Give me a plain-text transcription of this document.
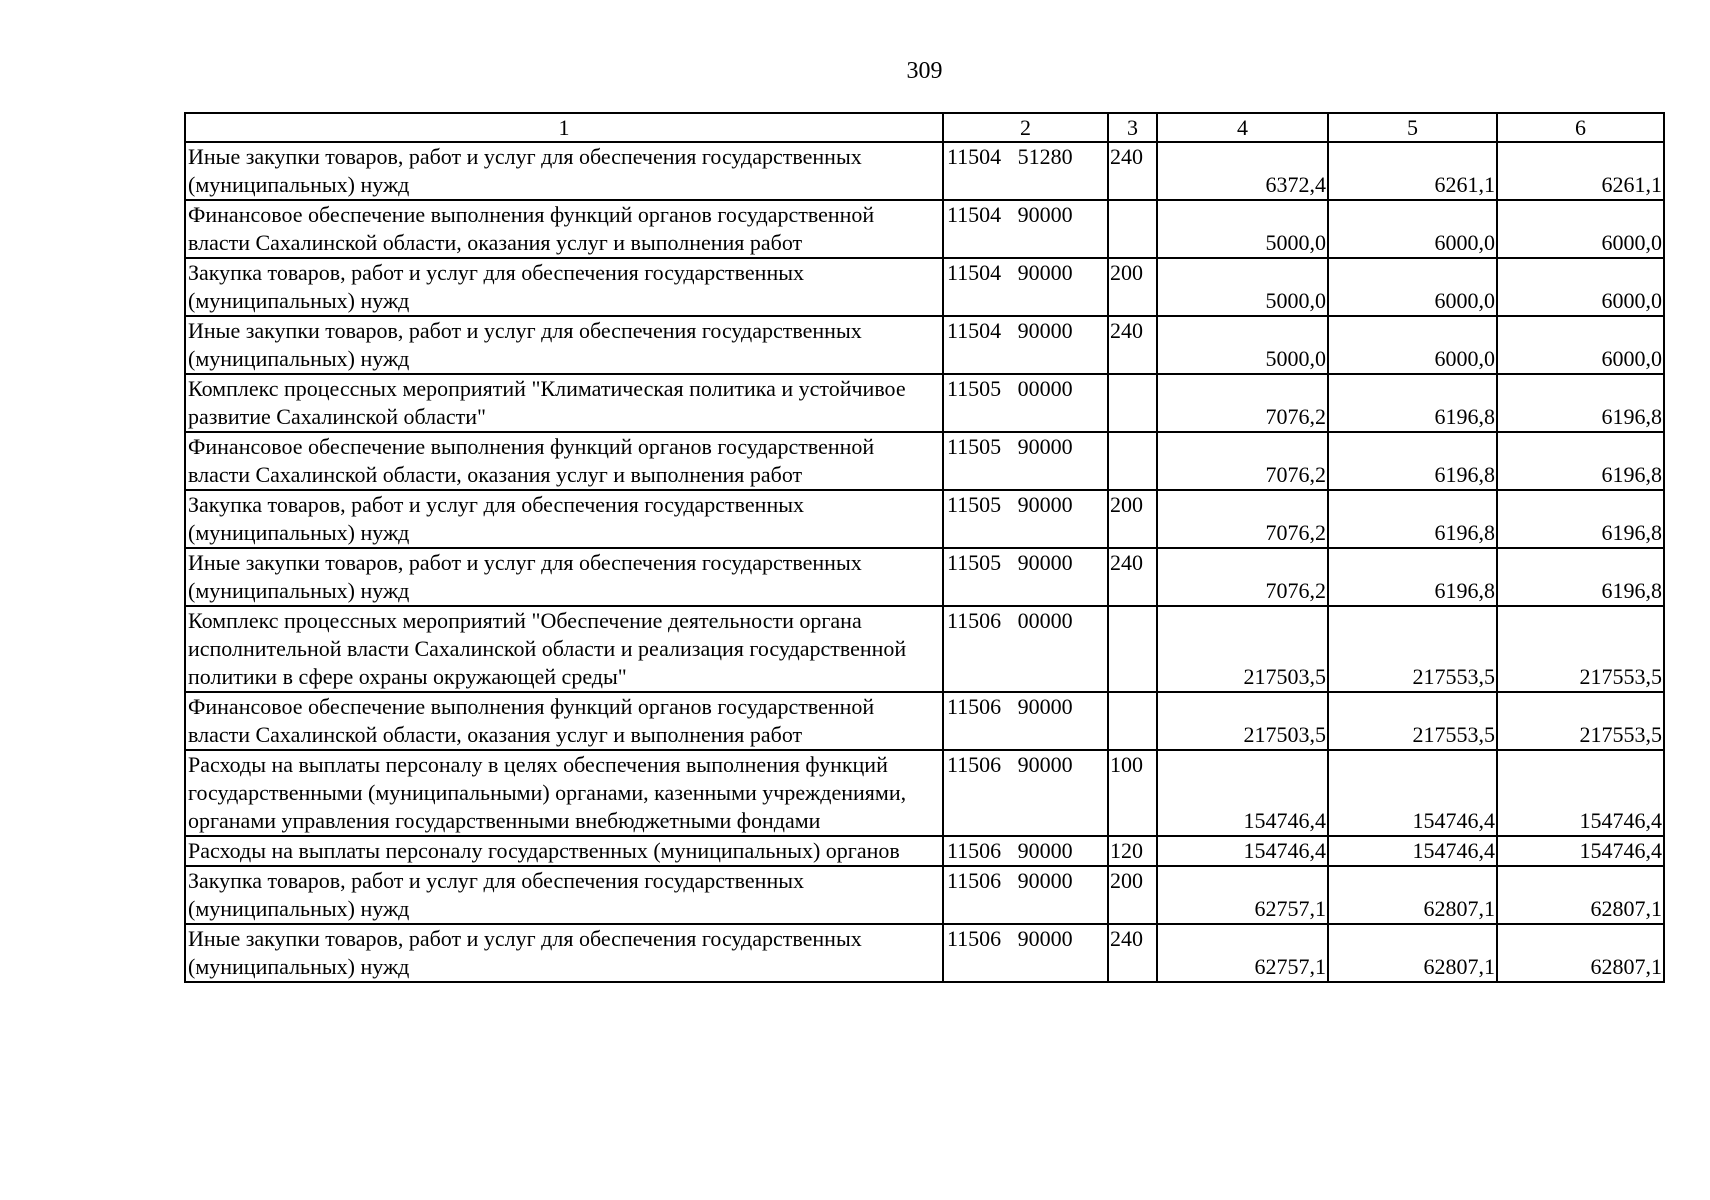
309
1	2	3	4	5	6
Иные закупки товаров, работ и услуг для обеспечения государственных (муниципальных) нужд	11504   51280	240	6372,4	6261,1	6261,1
Финансовое обеспечение выполнения функций органов государственной власти Сахалинской области, оказания услуг и выполнения работ	11504   90000		5000,0	6000,0	6000,0
Закупка товаров, работ и услуг для обеспечения государственных (муниципальных) нужд	11504   90000	200	5000,0	6000,0	6000,0
Иные закупки товаров, работ и услуг для обеспечения государственных (муниципальных) нужд	11504   90000	240	5000,0	6000,0	6000,0
Комплекс процессных мероприятий "Климатическая политика и устойчивое развитие Сахалинской области"	11505   00000		7076,2	6196,8	6196,8
Финансовое обеспечение выполнения функций органов государственной власти Сахалинской области, оказания услуг и выполнения работ	11505   90000		7076,2	6196,8	6196,8
Закупка товаров, работ и услуг для обеспечения государственных (муниципальных) нужд	11505   90000	200	7076,2	6196,8	6196,8
Иные закупки товаров, работ и услуг для обеспечения государственных (муниципальных) нужд	11505   90000	240	7076,2	6196,8	6196,8
Комплекс процессных мероприятий "Обеспечение деятельности органа исполнительной власти Сахалинской области и реализация государственной политики в сфере охраны окружающей среды"	11506   00000		217503,5	217553,5	217553,5
Финансовое обеспечение выполнения функций органов государственной власти Сахалинской области, оказания услуг и выполнения работ	11506   90000		217503,5	217553,5	217553,5
Расходы на выплаты персоналу в целях обеспечения выполнения функций государственными (муниципальными) органами, казенными учреждениями, органами управления государственными внебюджетными фондами	11506   90000	100	154746,4	154746,4	154746,4
Расходы на выплаты персоналу государственных (муниципальных) органов	11506   90000	120	154746,4	154746,4	154746,4
Закупка товаров, работ и услуг для обеспечения государственных (муниципальных) нужд	11506   90000	200	62757,1	62807,1	62807,1
Иные закупки товаров, работ и услуг для обеспечения государственных (муниципальных) нужд	11506   90000	240	62757,1	62807,1	62807,1
